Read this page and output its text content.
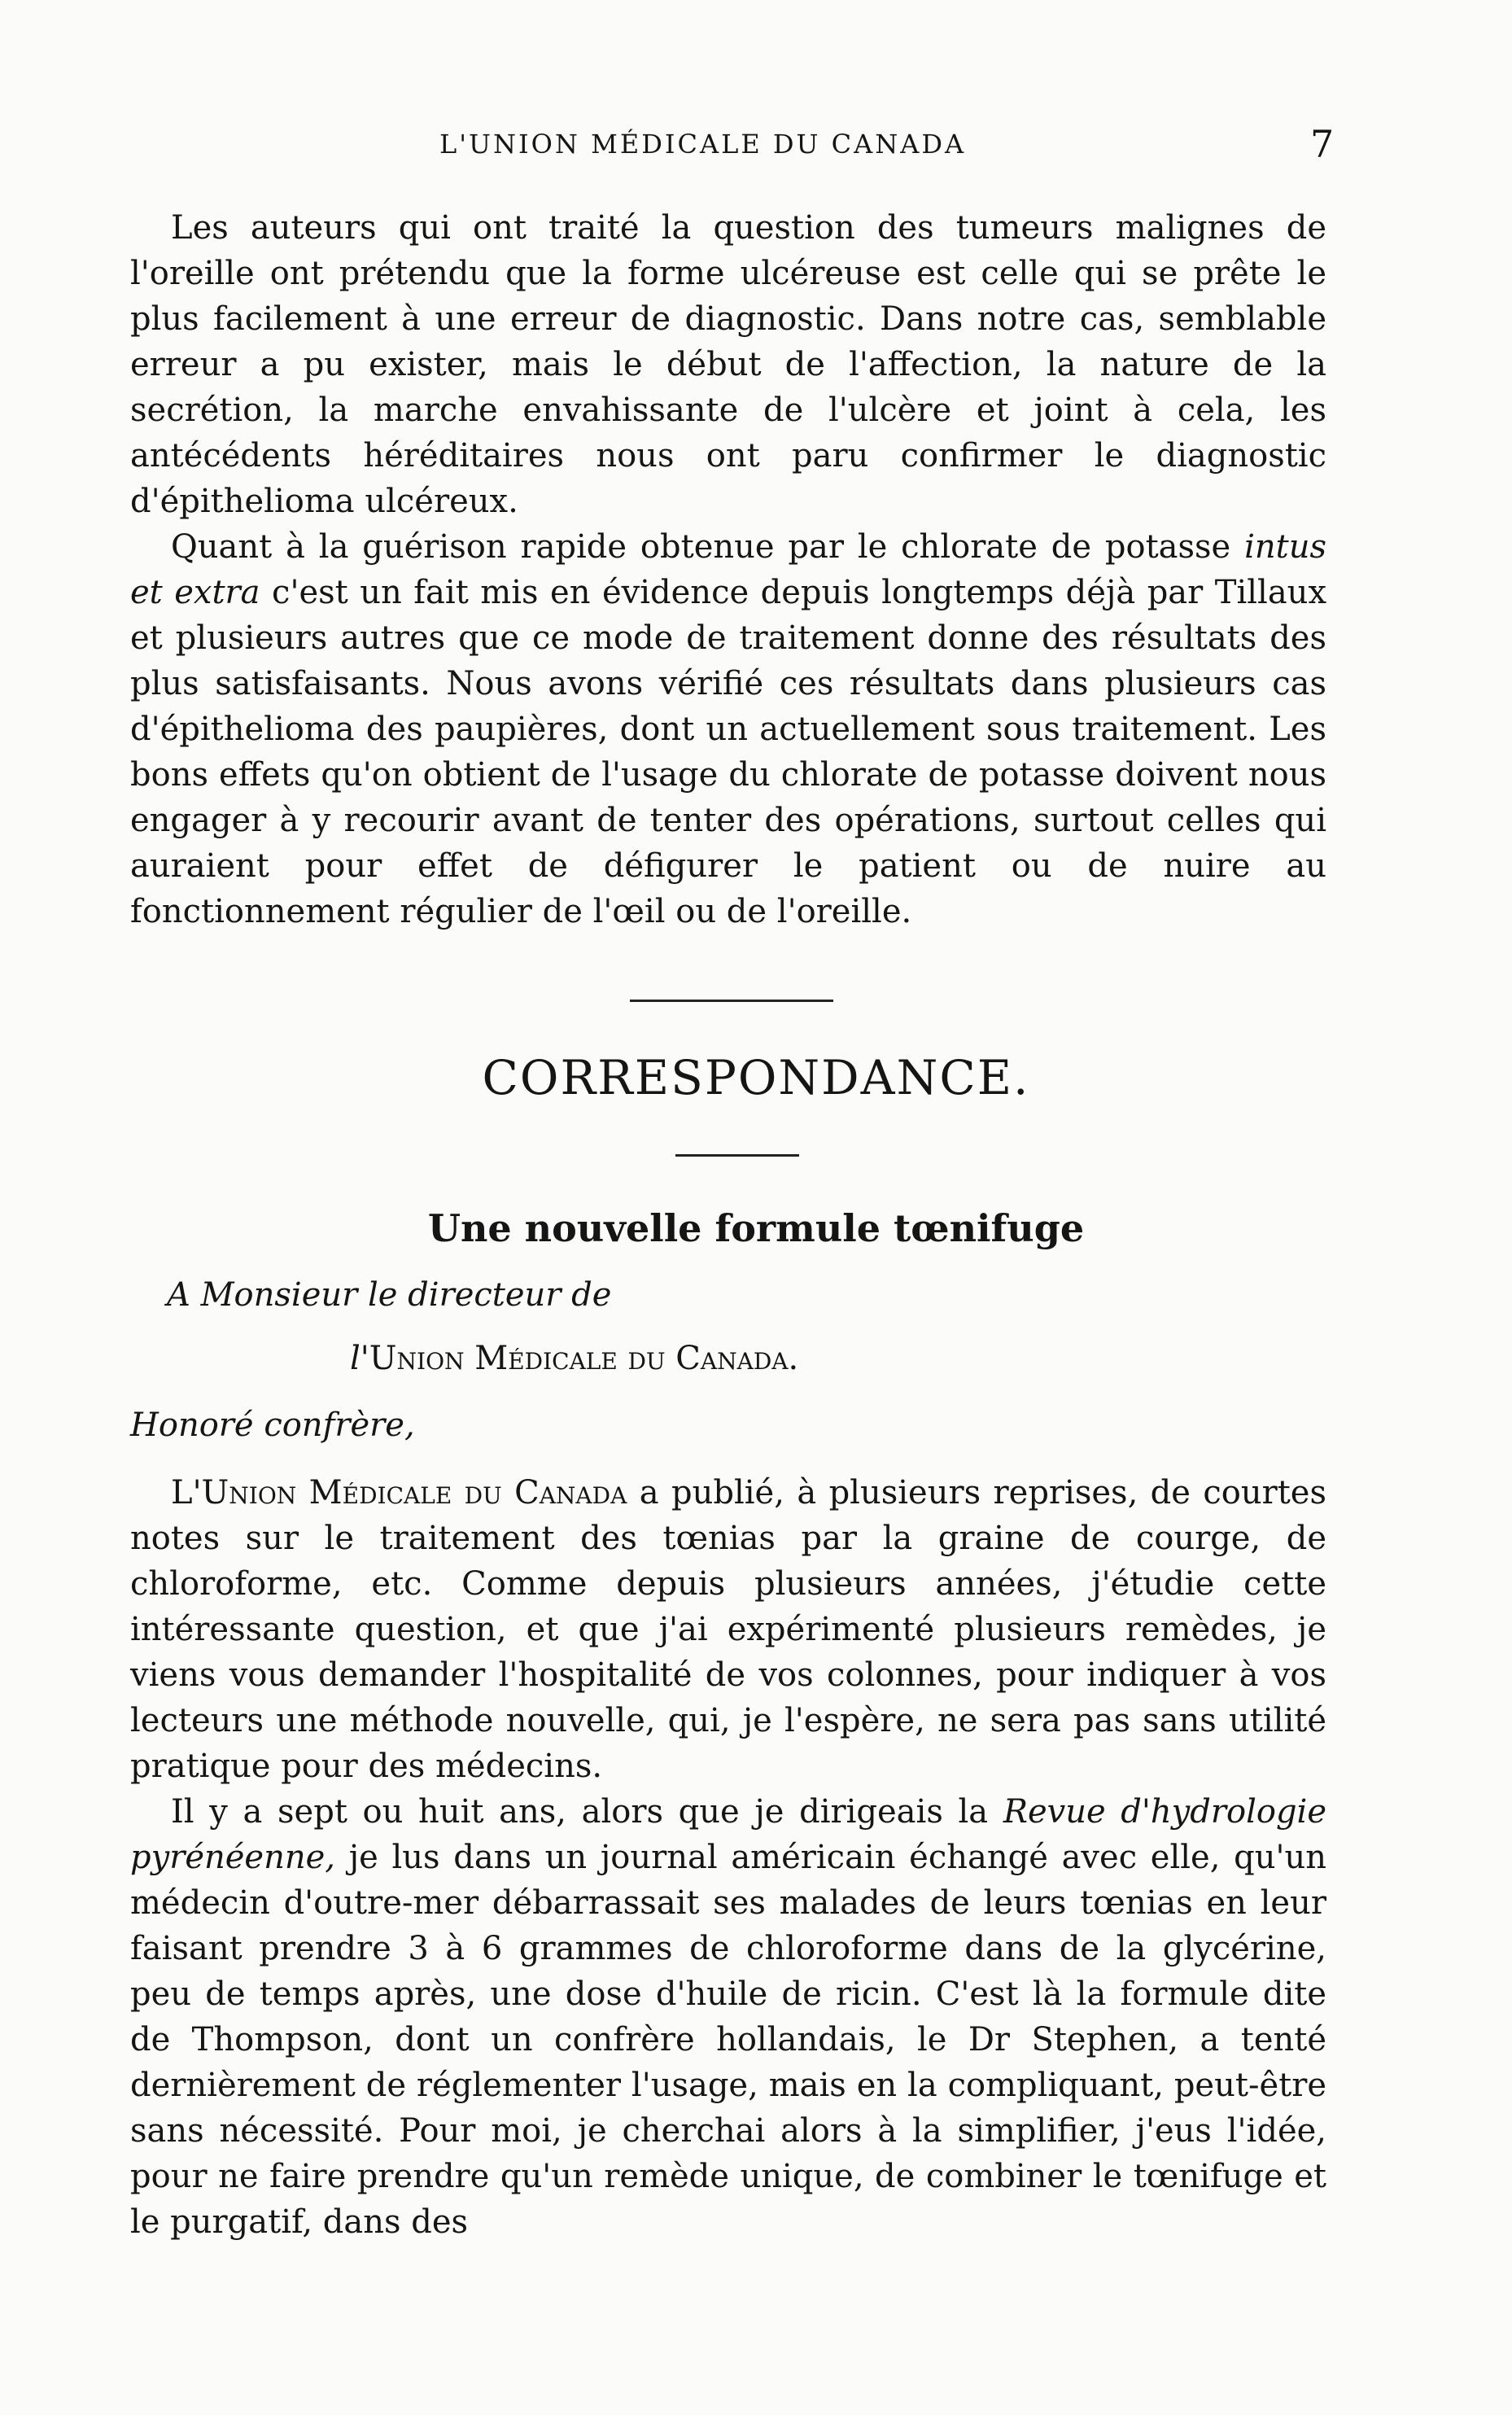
L'UNION MÉDICALE DU CANADA	7

Les auteurs qui ont traité la question des tumeurs malignes de l'oreille ont prétendu que la forme ulcéreuse est celle qui se prête le plus facilement à une erreur de diagnostic. Dans notre cas, semblable erreur a pu exister, mais le début de l'affection, la nature de la secrétion, la marche envahissante de l'ulcère et joint à cela, les antécédents héréditaires nous ont paru confirmer le diagnostic d'épithelioma ulcéreux.

Quant à la guérison rapide obtenue par le chlorate de potasse intus et extra c'est un fait mis en évidence depuis longtemps déjà par Tillaux et plusieurs autres que ce mode de traitement donne des résultats des plus satisfaisants. Nous avons vérifié ces résultats dans plusieurs cas d'épithelioma des paupières, dont un actuellement sous traitement. Les bons effets qu'on obtient de l'usage du chlorate de potasse doivent nous engager à y recourir avant de tenter des opérations, surtout celles qui auraient pour effet de défigurer le patient ou de nuire au fonctionnement régulier de l'œil ou de l'oreille.

CORRESPONDANCE.
Une nouvelle formule tœnifuge
A Monsieur le directeur de
l'Union Médicale du Canada.
Honoré confrère,

L'Union Médicale du Canada a publié, à plusieurs reprises, de courtes notes sur le traitement des tœnias par la graine de courge, de chloroforme, etc. Comme depuis plusieurs années, j'étudie cette intéressante question, et que j'ai expérimenté plusieurs remèdes, je viens vous demander l'hospitalité de vos colonnes, pour indiquer à vos lecteurs une méthode nouvelle, qui, je l'espère, ne sera pas sans utilité pratique pour des médecins.

Il y a sept ou huit ans, alors que je dirigeais la Revue d'hydrologie pyrénéenne, je lus dans un journal américain échangé avec elle, qu'un médecin d'outre-mer débarrassait ses malades de leurs tœnias en leur faisant prendre 3 à 6 grammes de chloroforme dans de la glycérine, peu de temps après, une dose d'huile de ricin. C'est là la formule dite de Thompson, dont un confrère hollandais, le Dr Stephen, a tenté dernièrement de réglementer l'usage, mais en la compliquant, peut-être sans nécessité. Pour moi, je cherchai alors à la simplifier, j'eus l'idée, pour ne faire prendre qu'un remède unique, de combiner le tœnifuge et le purgatif, dans des
